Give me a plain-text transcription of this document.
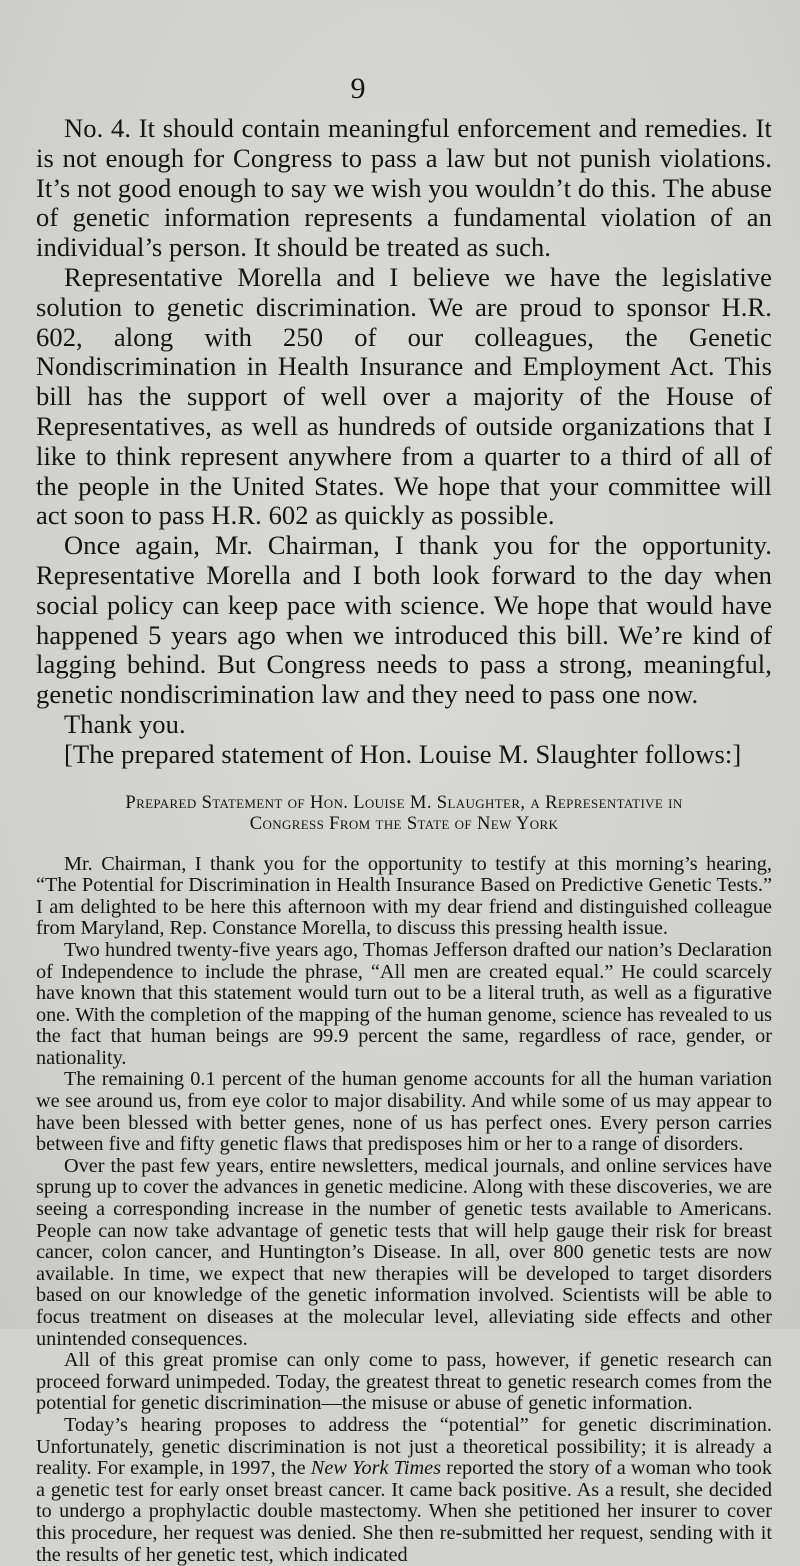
9

No. 4. It should contain meaningful enforcement and remedies. It is not enough for Congress to pass a law but not punish violations. It’s not good enough to say we wish you wouldn’t do this. The abuse of genetic information represents a fundamental violation of an individual’s person. It should be treated as such.

Representative Morella and I believe we have the legislative solution to genetic discrimination. We are proud to sponsor H.R. 602, along with 250 of our colleagues, the Genetic Nondiscrimination in Health Insurance and Employment Act. This bill has the support of well over a majority of the House of Representatives, as well as hundreds of outside organizations that I like to think represent anywhere from a quarter to a third of all of the people in the United States. We hope that your committee will act soon to pass H.R. 602 as quickly as possible.

Once again, Mr. Chairman, I thank you for the opportunity. Representative Morella and I both look forward to the day when social policy can keep pace with science. We hope that would have happened 5 years ago when we introduced this bill. We’re kind of lagging behind. But Congress needs to pass a strong, meaningful, genetic nondiscrimination law and they need to pass one now.

Thank you.

[The prepared statement of Hon. Louise M. Slaughter follows:]

Prepared Statement of Hon. Louise M. Slaughter, a Representative in
Congress From the State of New York

Mr. Chairman, I thank you for the opportunity to testify at this morning’s hearing, “The Potential for Discrimination in Health Insurance Based on Predictive Genetic Tests.” I am delighted to be here this afternoon with my dear friend and distinguished colleague from Maryland, Rep. Constance Morella, to discuss this pressing health issue.

Two hundred twenty-five years ago, Thomas Jefferson drafted our nation’s Declaration of Independence to include the phrase, “All men are created equal.” He could scarcely have known that this statement would turn out to be a literal truth, as well as a figurative one. With the completion of the mapping of the human genome, science has revealed to us the fact that human beings are 99.9 percent the same, regardless of race, gender, or nationality.

The remaining 0.1 percent of the human genome accounts for all the human variation we see around us, from eye color to major disability. And while some of us may appear to have been blessed with better genes, none of us has perfect ones. Every person carries between five and fifty genetic flaws that predisposes him or her to a range of disorders.

Over the past few years, entire newsletters, medical journals, and online services have sprung up to cover the advances in genetic medicine. Along with these discoveries, we are seeing a corresponding increase in the number of genetic tests available to Americans. People can now take advantage of genetic tests that will help gauge their risk for breast cancer, colon cancer, and Huntington’s Disease. In all, over 800 genetic tests are now available. In time, we expect that new therapies will be developed to target disorders based on our knowledge of the genetic information involved. Scientists will be able to focus treatment on diseases at the molecular level, alleviating side effects and other unintended consequences.

All of this great promise can only come to pass, however, if genetic research can proceed forward unimpeded. Today, the greatest threat to genetic research comes from the potential for genetic discrimination—the misuse or abuse of genetic information.

Today’s hearing proposes to address the “potential” for genetic discrimination. Unfortunately, genetic discrimination is not just a theoretical possibility; it is already a reality. For example, in 1997, the New York Times reported the story of a woman who took a genetic test for early onset breast cancer. It came back positive. As a result, she decided to undergo a prophylactic double mastectomy. When she petitioned her insurer to cover this procedure, her request was denied. She then re-submitted her request, sending with it the results of her genetic test, which indicated
